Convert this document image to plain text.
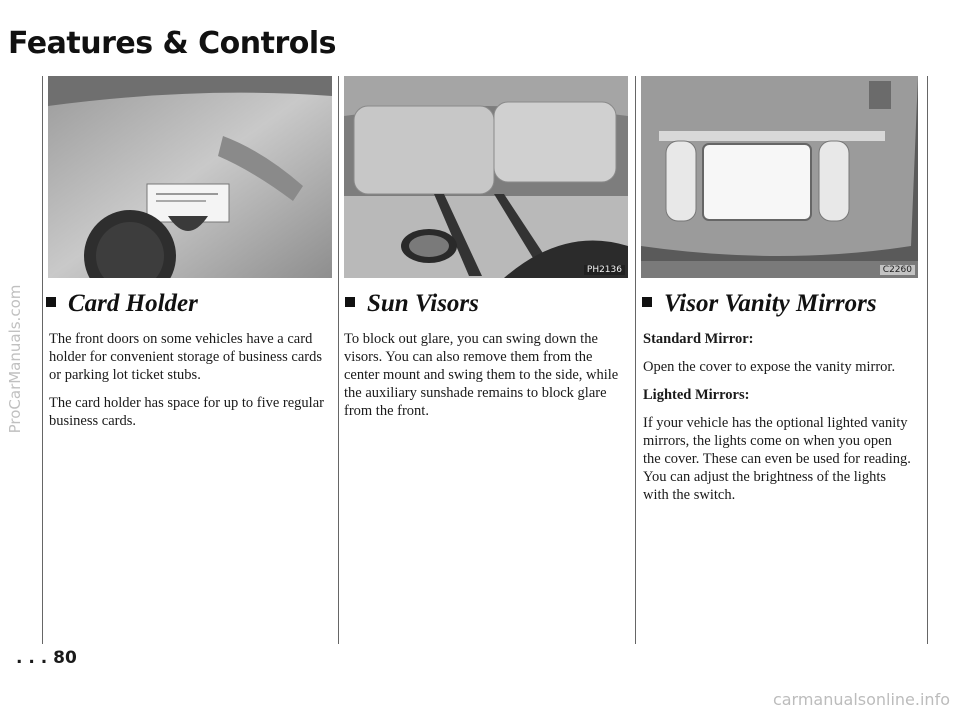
Features & Controls
PH2136	C2260
Card Holder	Sun Visors	Visor Vanity Mirrors

The front doors on some vehicles have a card holder for convenient storage of business cards or parking lot ticket stubs.

The card holder has space for up to five regular business cards.

To block out glare, you can swing down the visors. You can also remove them from the center mount and swing them to the side, while the auxiliary sunshade remains to block glare from the front.

Standard Mirror:

Open the cover to expose the vanity mirror.

Lighted Mirrors:

If your vehicle has the optional lighted vanity mirrors, the lights come on when you open the cover. These can even be used for reading. You can adjust the brightness of the lights with the switch.

. . . 80
ProCarManuals.com
carmanualsonline.info
